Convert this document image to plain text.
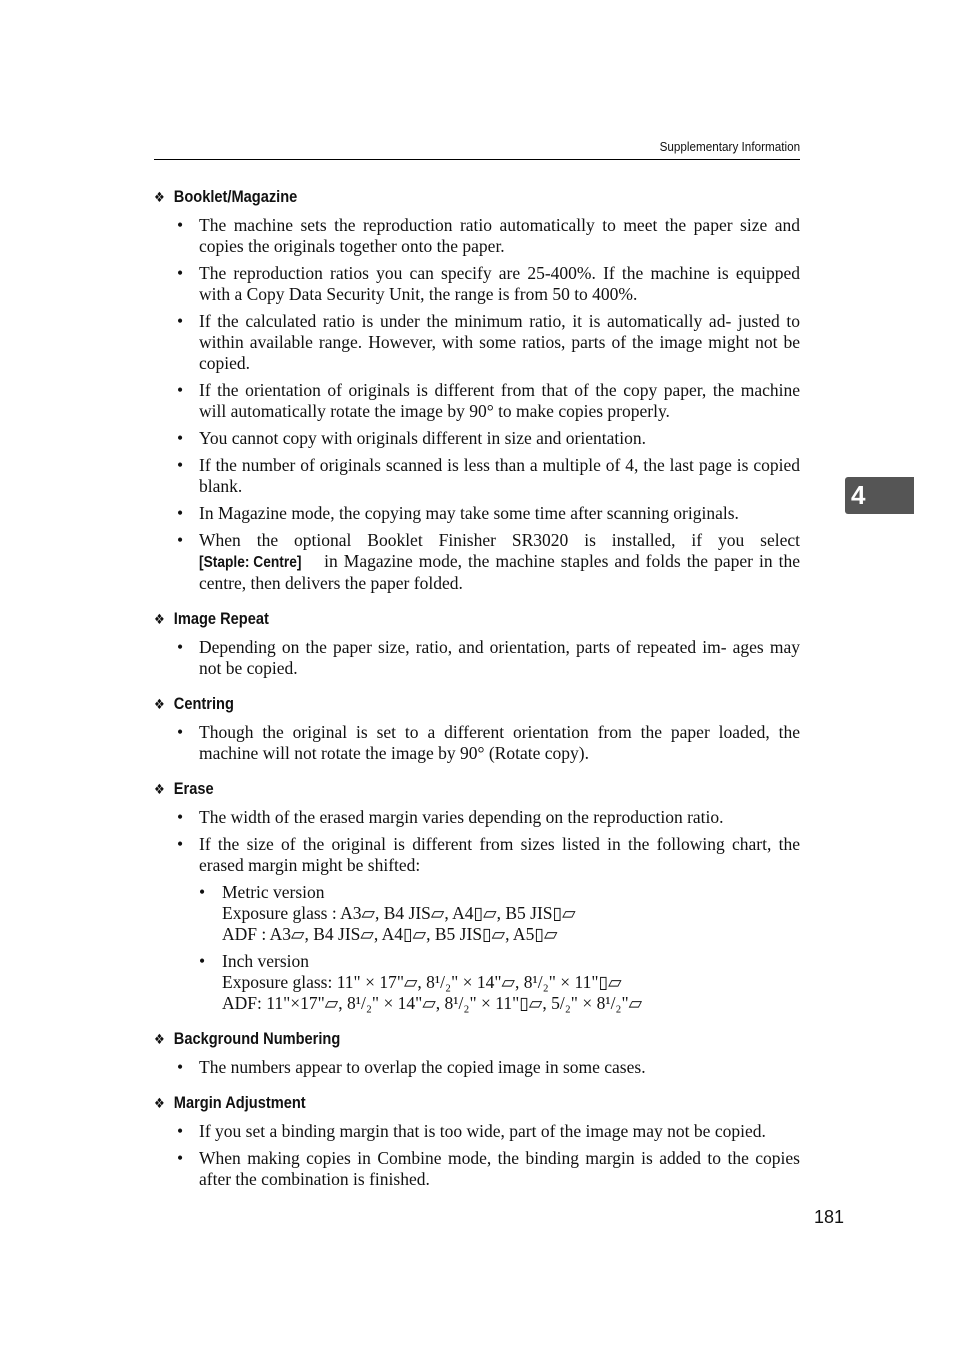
Supplementary Information
4
❖ Booklet/Magazine
• The machine sets the reproduction ratio automatically to meet the paper size and copies the originals together onto the paper.
• The reproduction ratios you can specify are 25-400%. If the machine is equipped with a Copy Data Security Unit, the range is from 50 to 400%.
• If the calculated ratio is under the minimum ratio, it is automatically ad- justed to within available range. However, with some ratios, parts of the image might not be copied.
• If the orientation of originals is different from that of the copy paper, the machine will automatically rotate the image by 90° to make copies properly.
• You cannot copy with originals different in size and orientation.
• If the number of originals scanned is less than a multiple of 4, the last page is copied blank.
• In Magazine mode, the copying may take some time after scanning originals.
• When the optional Booklet Finisher SR3020 is installed, if you select [Staple: Centre] in Magazine mode, the machine staples and folds the paper in the centre, then delivers the paper folded.
❖ Image Repeat
• Depending on the paper size, ratio, and orientation, parts of repeated im- ages may not be copied.
❖ Centring
• Though the original is set to a different orientation from the paper loaded, the machine will not rotate the image by 90° (Rotate copy).
❖ Erase
• The width of the erased margin varies depending on the reproduction ratio.
• If the size of the original is different from sizes listed in the following chart, the erased margin might be shifted:
• Metric version
Exposure glass : A3▱, B4 JIS▱, A4▯▱, B5 JIS▯▱
ADF : A3▱, B4 JIS▱, A4▯▱, B5 JIS▯▱, A5▯▱
• Inch version
Exposure glass: 11" × 17"▱, 8¹/₂" × 14"▱, 8¹/₂" × 11"▯▱
ADF: 11"×17"▱, 8¹/₂" × 14"▱, 8¹/₂" × 11"▯▱, 5/₂" × 8¹/₂"▱
❖ Background Numbering
• The numbers appear to overlap the copied image in some cases.
❖ Margin Adjustment
• If you set a binding margin that is too wide, part of the image may not be copied.
• When making copies in Combine mode, the binding margin is added to the copies after the combination is finished.
181
